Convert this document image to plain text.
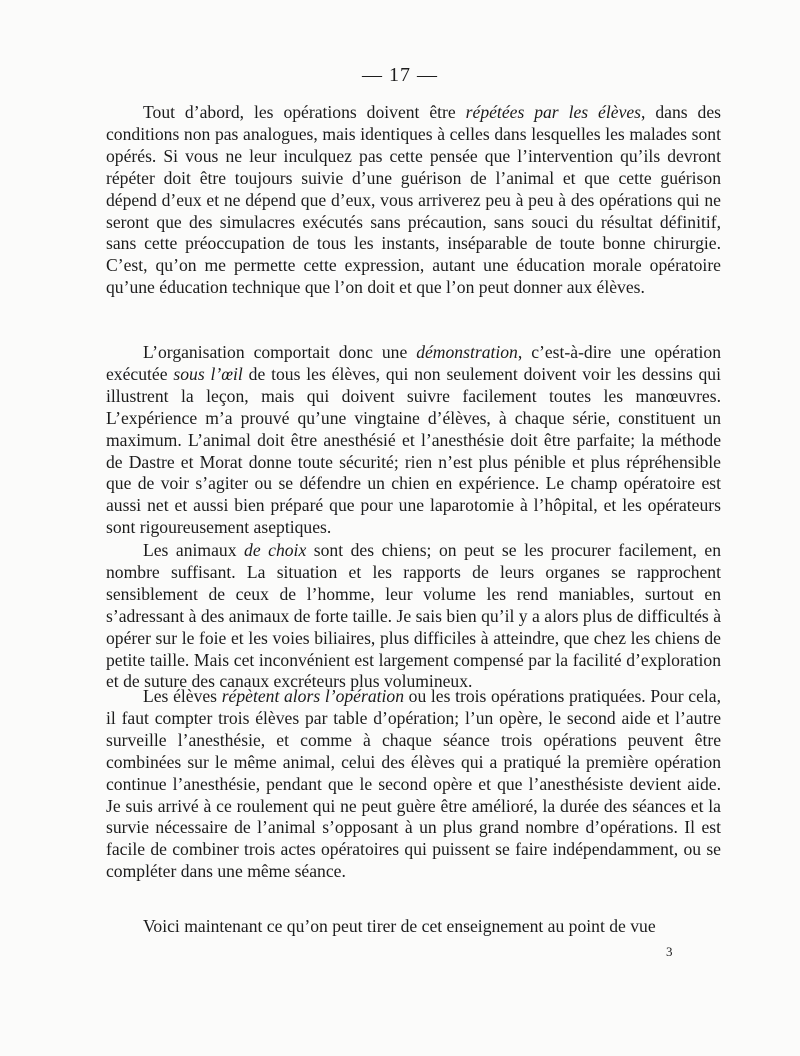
— 17 —

Tout d’abord, les opérations doivent être répétées par les élèves, dans des conditions non pas analogues, mais identiques à celles dans lesquelles les malades sont opérés. Si vous ne leur inculquez pas cette pensée que l’intervention qu’ils devront répéter doit être toujours suivie d’une guérison de l’animal et que cette guérison dépend d’eux et ne dépend que d’eux, vous arriverez peu à peu à des opérations qui ne seront que des simulacres exécutés sans précaution, sans souci du résultat définitif, sans cette préoccupation de tous les instants, inséparable de toute bonne chirurgie. C’est, qu’on me permette cette expression, autant une éducation morale opératoire qu’une éducation technique que l’on doit et que l’on peut donner aux élèves.

L’organisation comportait donc une démonstration, c’est-à-dire une opération exécutée sous l’œil de tous les élèves, qui non seulement doivent voir les dessins qui illustrent la leçon, mais qui doivent suivre facilement toutes les manœuvres. L’expérience m’a prouvé qu’une vingtaine d’élèves, à chaque série, constituent un maximum. L’animal doit être anesthésié et l’anesthésie doit être parfaite; la méthode de Dastre et Morat donne toute sécurité; rien n’est plus pénible et plus répréhensible que de voir s’agiter ou se défendre un chien en expérience. Le champ opératoire est aussi net et aussi bien préparé que pour une laparotomie à l’hôpital, et les opérateurs sont rigoureusement aseptiques.

Les animaux de choix sont des chiens; on peut se les procurer facilement, en nombre suffisant. La situation et les rapports de leurs organes se rapprochent sensiblement de ceux de l’homme, leur volume les rend maniables, surtout en s’adressant à des animaux de forte taille. Je sais bien qu’il y a alors plus de difficultés à opérer sur le foie et les voies biliaires, plus difficiles à atteindre, que chez les chiens de petite taille. Mais cet inconvénient est largement compensé par la facilité d’exploration et de suture des canaux excréteurs plus volumineux.

Les élèves répètent alors l’opération ou les trois opérations pratiquées. Pour cela, il faut compter trois élèves par table d’opération; l’un opère, le second aide et l’autre surveille l’anesthésie, et comme à chaque séance trois opérations peuvent être combinées sur le même animal, celui des élèves qui a pratiqué la première opération continue l’anesthésie, pendant que le second opère et que l’anesthésiste devient aide. Je suis arrivé à ce roulement qui ne peut guère être amélioré, la durée des séances et la survie nécessaire de l’animal s’opposant à un plus grand nombre d’opérations. Il est facile de combiner trois actes opératoires qui puissent se faire indépendamment, ou se compléter dans une même séance.

Voici maintenant ce qu’on peut tirer de cet enseignement au point de vue

3
